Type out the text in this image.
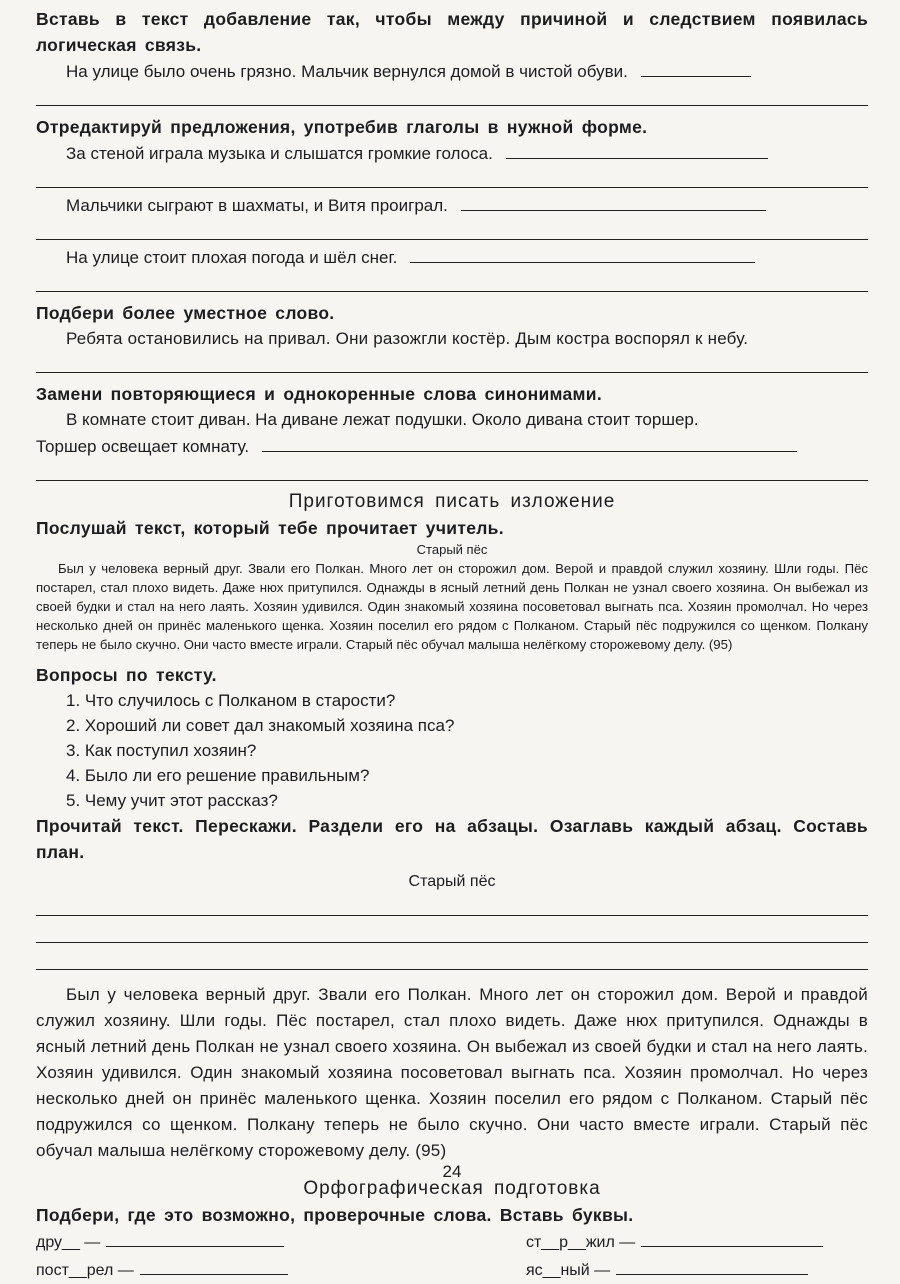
Вставь в текст добавление так, чтобы между причиной и следствием появилась логическая связь.
На улице было очень грязно. Мальчик вернулся домой в чистой обуви.
Отредактируй предложения, употребив глаголы в нужной форме.
За стеной играла музыка и слышатся громкие голоса.
Мальчики сыграют в шахматы, и Витя проиграл.
На улице стоит плохая погода и шёл снег.
Подбери более уместное слово.
Ребята остановились на привал. Они разожгли костёр. Дым костра воспорял к небу.
Замени повторяющиеся и однокоренные слова синонимами.
В комнате стоит диван. На диване лежат подушки. Около дивана стоит торшер.
Торшер освещает комнату.
Приготовимся писать изложение
Послушай текст, который тебе прочитает учитель.
Старый пёс
Был у человека верный друг. Звали его Полкан. Много лет он сторожил дом. Верой и правдой служил хозяину. Шли годы. Пёс постарел, стал плохо видеть. Даже нюх притупился. Однажды в ясный летний день Полкан не узнал своего хозяина. Он выбежал из своей будки и стал на него лаять. Хозяин удивился. Один знакомый хозяина посоветовал выгнать пса. Хозяин промолчал. Но через несколько дней он принёс маленького щенка. Хозяин поселил его рядом с Полканом. Старый пёс подружился со щенком. Полкану теперь не было скучно. Они часто вместе играли. Старый пёс обучал малыша нелёгкому сторожевому делу. (95)
Вопросы по тексту.
1. Что случилось с Полканом в старости?
2. Хороший ли совет дал знакомый хозяина пса?
3. Как поступил хозяин?
4. Было ли его решение правильным?
5. Чему учит этот рассказ?
Прочитай текст. Перескажи. Раздели его на абзацы. Озаглавь каждый абзац. Составь план.
Старый пёс
Был у человека верный друг. Звали его Полкан. Много лет он сторожил дом. Верой и правдой служил хозяину. Шли годы. Пёс постарел, стал плохо видеть. Даже нюх притупился. Однажды в ясный летний день Полкан не узнал своего хозяина. Он выбежал из своей будки и стал на него лаять. Хозяин удивился. Один знакомый хозяина посоветовал выгнать пса. Хозяин промолчал. Но через несколько дней он принёс маленького щенка. Хозяин поселил его рядом с Полканом. Старый пёс подружился со щенком. Полкану теперь не было скучно. Они часто вместе играли. Старый пёс обучал малыша нелёгкому сторожевому делу. (95)
Орфографическая подготовка
Подбери, где это возможно, проверочные слова. Вставь буквы.
дру__ —	ст__р__жил —
пост__рел —	яс__ный —
24
